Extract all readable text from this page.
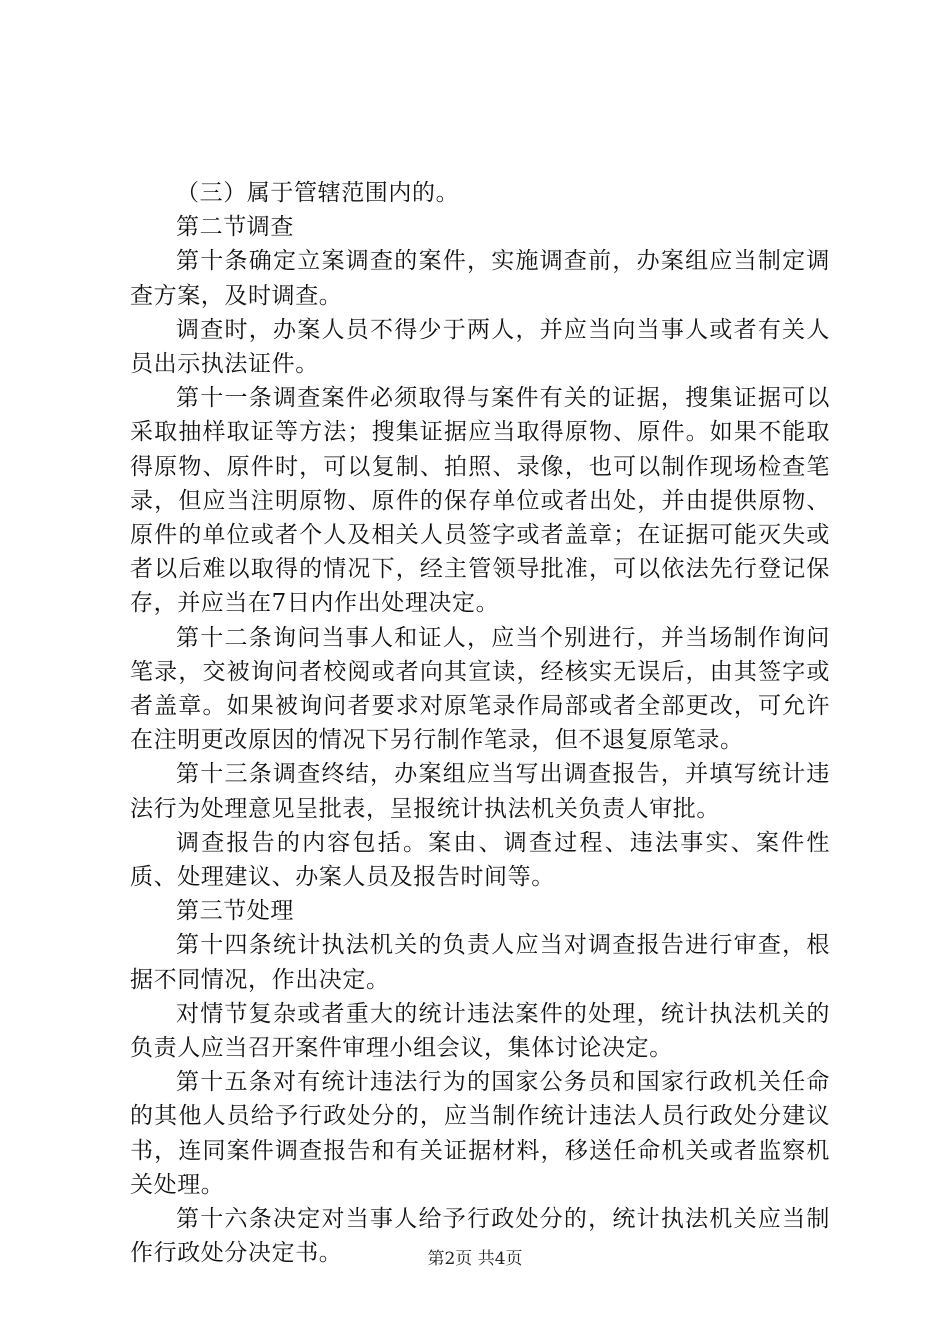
（三）属于管辖范围内的。

第二节调查

第十条确定立案调查的案件，实施调查前，办案组应当制定调查方案，及时调查。

调查时，办案人员不得少于两人，并应当向当事人或者有关人员出示执法证件。

第十一条调查案件必须取得与案件有关的证据，搜集证据可以采取抽样取证等方法；搜集证据应当取得原物、原件。如果不能取得原物、原件时，可以复制、拍照、录像，也可以制作现场检查笔录，但应当注明原物、原件的保存单位或者出处，并由提供原物、原件的单位或者个人及相关人员签字或者盖章；在证据可能灭失或者以后难以取得的情况下，经主管领导批准，可以依法先行登记保存，并应当在7日内作出处理决定。

第十二条询问当事人和证人，应当个别进行，并当场制作询问笔录，交被询问者校阅或者向其宣读，经核实无误后，由其签字或者盖章。如果被询问者要求对原笔录作局部或者全部更改，可允许在注明更改原因的情况下另行制作笔录，但不退复原笔录。

第十三条调查终结，办案组应当写出调查报告，并填写统计违法行为处理意见呈批表，呈报统计执法机关负责人审批。

调查报告的内容包括。案由、调查过程、违法事实、案件性质、处理建议、办案人员及报告时间等。

第三节处理

第十四条统计执法机关的负责人应当对调查报告进行审查，根据不同情况，作出决定。

对情节复杂或者重大的统计违法案件的处理，统计执法机关的负责人应当召开案件审理小组会议，集体讨论决定。

第十五条对有统计违法行为的国家公务员和国家行政机关任命的其他人员给予行政处分的，应当制作统计违法人员行政处分建议书，连同案件调查报告和有关证据材料，移送任命机关或者监察机关处理。

第十六条决定对当事人给予行政处分的，统计执法机关应当制作行政处分决定书。	第2页 共4页
